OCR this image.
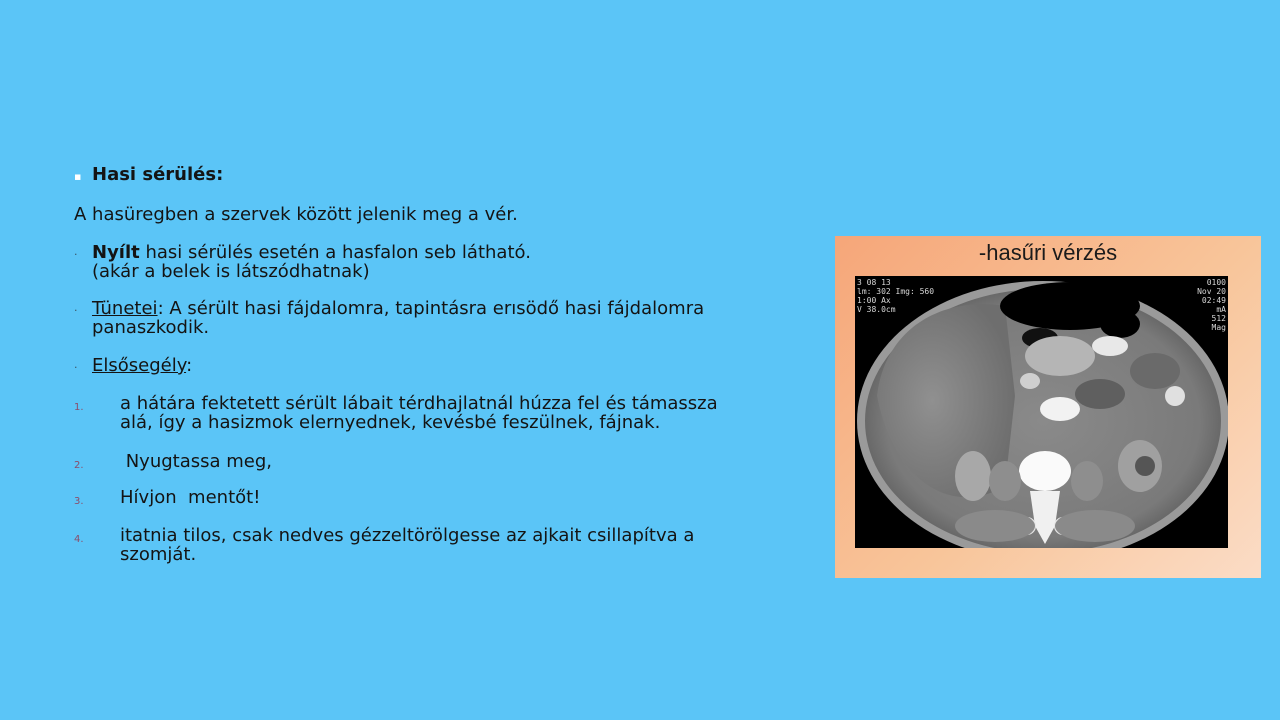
▪ Hasi sérülés:
A hasüregben a szervek között jelenik meg a vér.
· Nyílt hasi sérülés esetén a hasfalon seb látható.
(akár a belek is látszódhatnak)
· Tünetei: A sérült hasi fájdalomra, tapintásra erısödő hasi fájdalomra
panaszkodik.
· Elsősegély:
1. a hátára fektetett sérült lábait térdhajlatnál húzza fel és támassza
alá, így a hasizmok elernyednek, kevésbé feszülnek, fájnak.
2. Nyugtassa meg,
3. Hívjon  mentőt!
4. itatnia tilos, csak nedves gézzeltörölgesse az ajkait csillapítva a
szomját.
-hasűri vérzés
3 08 13
lm: 302 Img: 560
1:00 Ax
V 38.0cm
0100
Nov 20
02:49
mA
512
Mag
